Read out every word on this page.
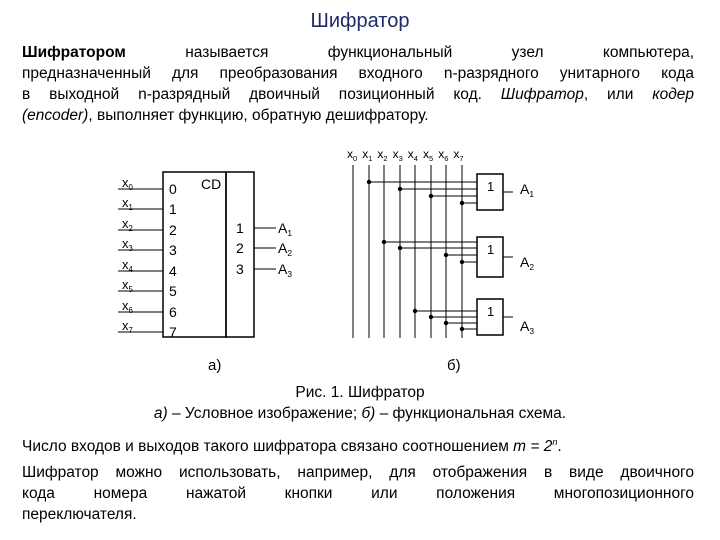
Шифратор

Шифратором называется функциональный узел компьютера,
предназначенный для преобразования входного n-разрядного унитарного кода
в выходной n-разрядный двоичный позиционный код. Шифратор, или кодер
(encoder), выполняет функцию, обратную дешифратору.

CD
$x_0$	0
$x_1$	1
$x_2$	2
$x_3$	3
$x_4$	4
$x_5$	5
$x_6$	6
$x_7$	7
1 $A_1$
2 $A_2$
3 $A_3$
$x_0$ $x_1$ $x_2$ $x_3$ $x_4$ $x_5$ $x_6$ $x_7$
1 $A_1$
1
$A_2$
1
$A_3$
а)	б)
Рис. 1. Шифратор
а) – Условное изображение; б) – функциональная схема.

Число входов и выходов такого шифратора связано соотношением $m = 2^n$.

Шифратор можно использовать, например, для отображения в виде двоичного
кода номера нажатой кнопки или положения многопозиционного
переключателя.
